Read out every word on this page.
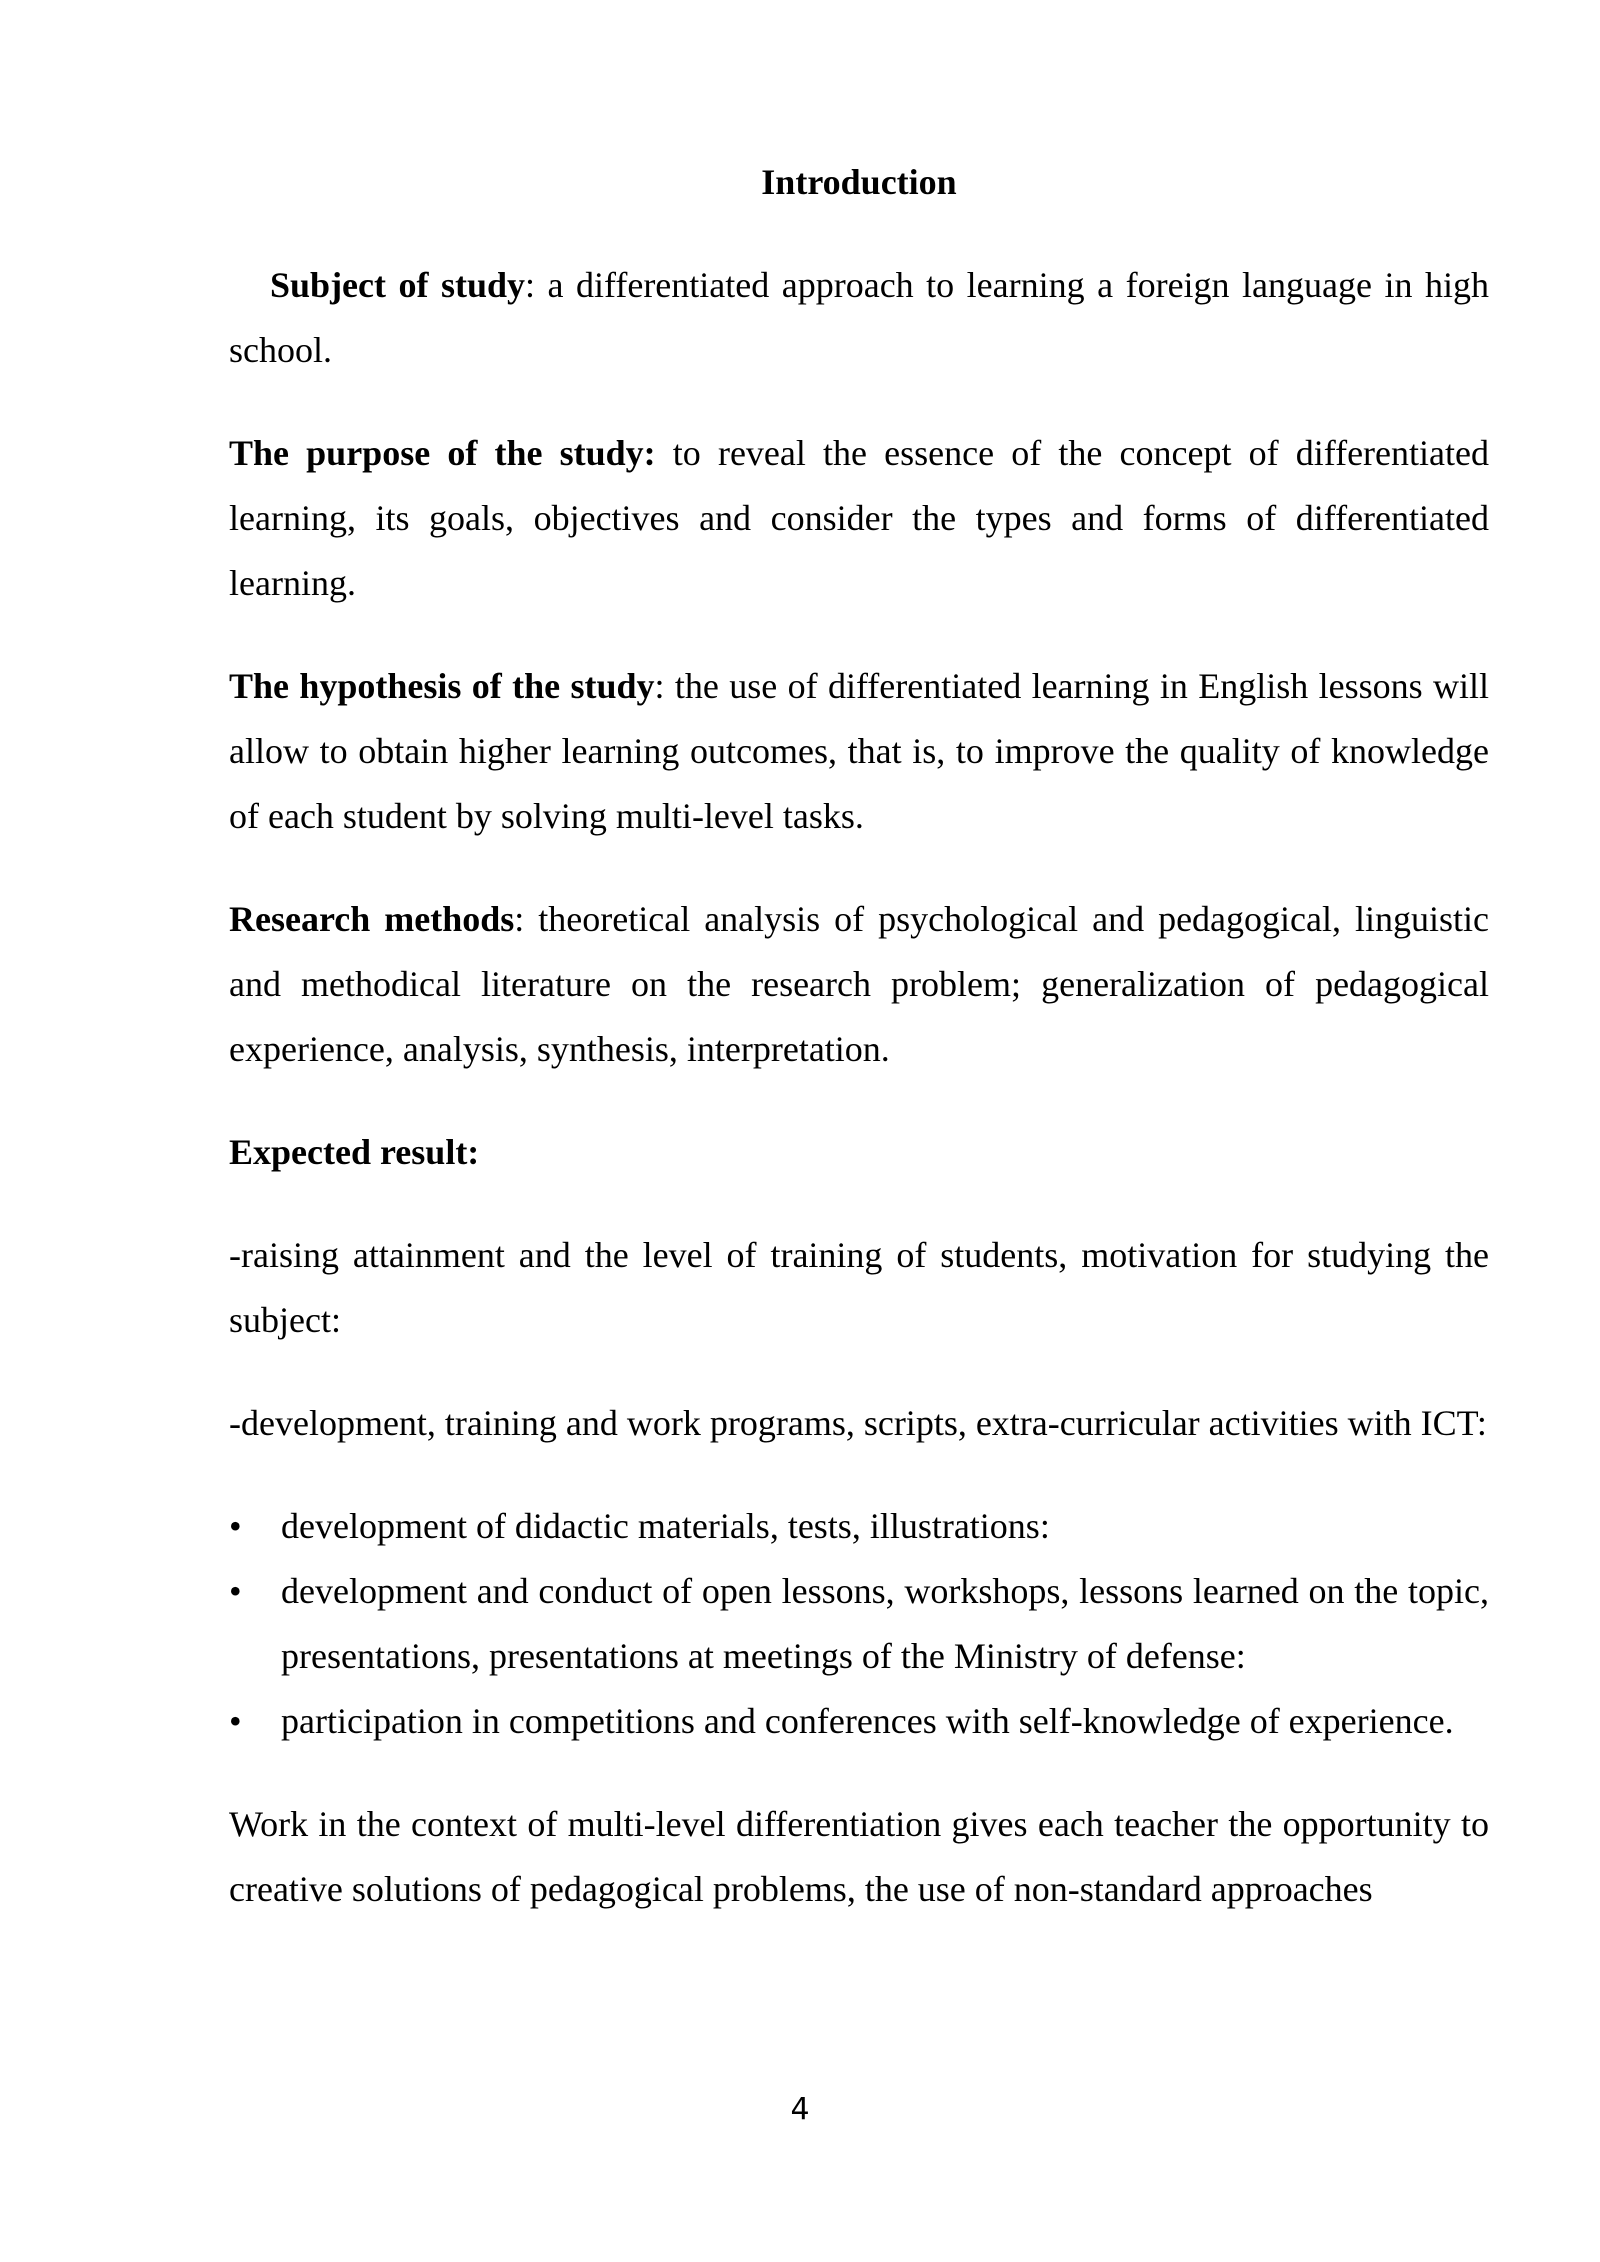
Introduction

Subject of study: a differentiated approach to learning a foreign language in high school.

The purpose of the study: to reveal the essence of the concept of differentiated learning, its goals, objectives and consider the types and forms of differentiated learning.

The hypothesis of the study: the use of differentiated learning in English lessons will allow to obtain higher learning outcomes, that is, to improve the quality of knowledge of each student by solving multi-level tasks.

Research methods: theoretical analysis of psychological and pedagogical, linguistic and methodical literature on the research problem; generalization of pedagogical experience, analysis, synthesis, interpretation.

Expected result:

-raising attainment and the level of training of students, motivation for studying the subject:

-development, training and work programs, scripts, extra-curricular activities with ICT:

• development of didactic materials, tests, illustrations:
• development and conduct of open lessons, workshops, lessons learned on the topic, presentations, presentations at meetings of the Ministry of defense:
• participation in competitions and conferences with self-knowledge of experience.

Work in the context of multi-level differentiation gives each teacher the opportunity to creative solutions of pedagogical problems, the use of non-standard approaches

4
